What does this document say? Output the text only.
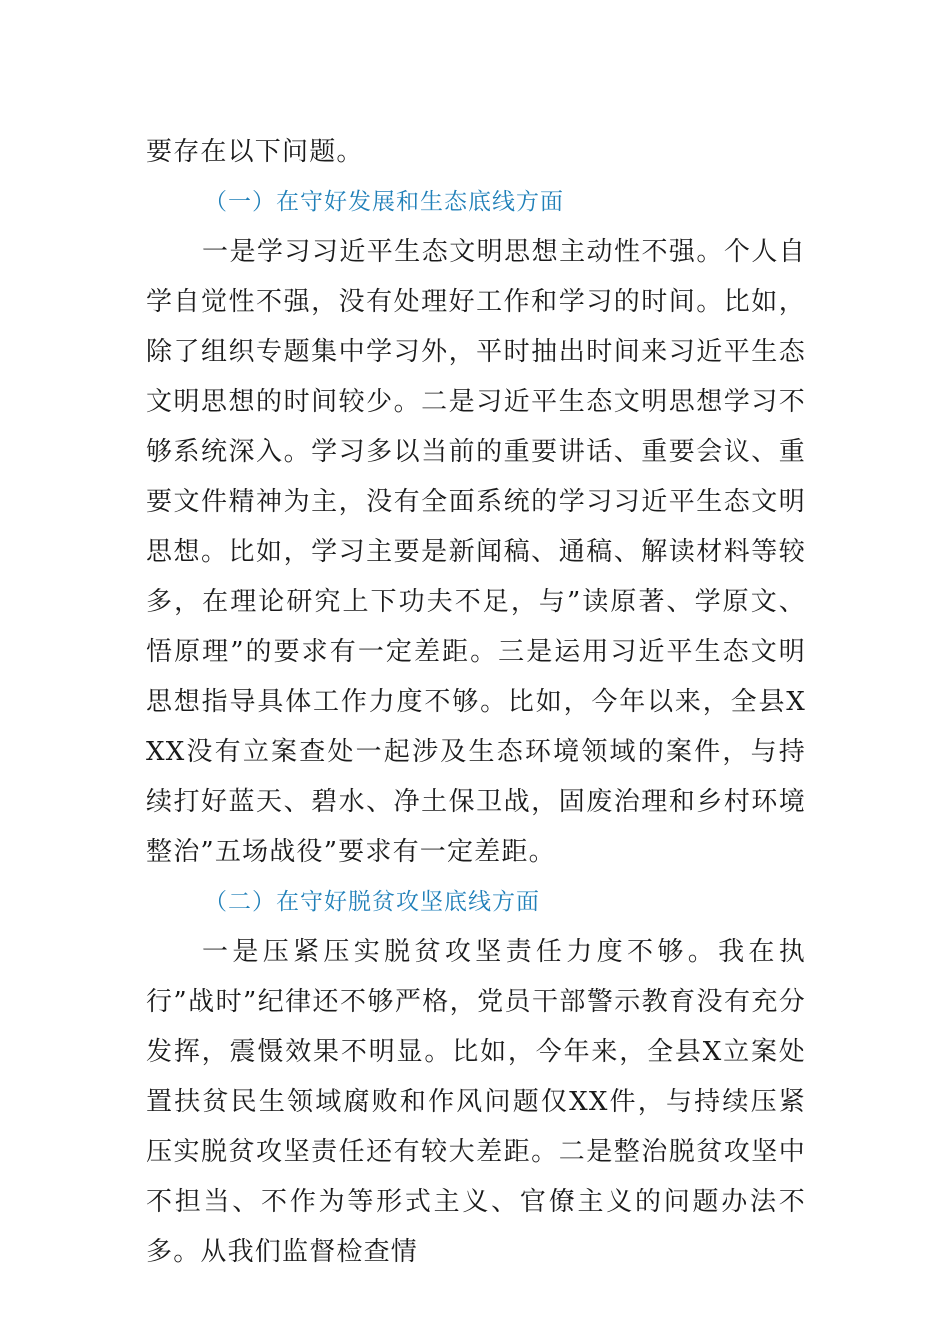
要存在以下问题。

（一）在守好发展和生态底线方面

一是学习习近平生态文明思想主动性不强。个人自学自觉性不强，没有处理好工作和学习的时间。比如，除了组织专题集中学习外，平时抽出时间来习近平生态文明思想的时间较少。二是习近平生态文明思想学习不够系统深入。学习多以当前的重要讲话、重要会议、重要文件精神为主，没有全面系统的学习习近平生态文明思想。比如，学习主要是新闻稿、通稿、解读材料等较多，在理论研究上下功夫不足，与”读原著、学原文、悟原理”的要求有一定差距。三是运用习近平生态文明思想指导具体工作力度不够。比如，今年以来，全县XXX没有立案查处一起涉及生态环境领域的案件，与持续打好蓝天、碧水、净土保卫战，固废治理和乡村环境整治”五场战役”要求有一定差距。

（二）在守好脱贫攻坚底线方面

一是压紧压实脱贫攻坚责任力度不够。我在执行”战时”纪律还不够严格，党员干部警示教育没有充分发挥，震慑效果不明显。比如，今年来，全县X立案处置扶贫民生领域腐败和作风问题仅XX件，与持续压紧压实脱贫攻坚责任还有较大差距。二是整治脱贫攻坚中不担当、不作为等形式主义、官僚主义的问题办法不多。从我们监督检查情
